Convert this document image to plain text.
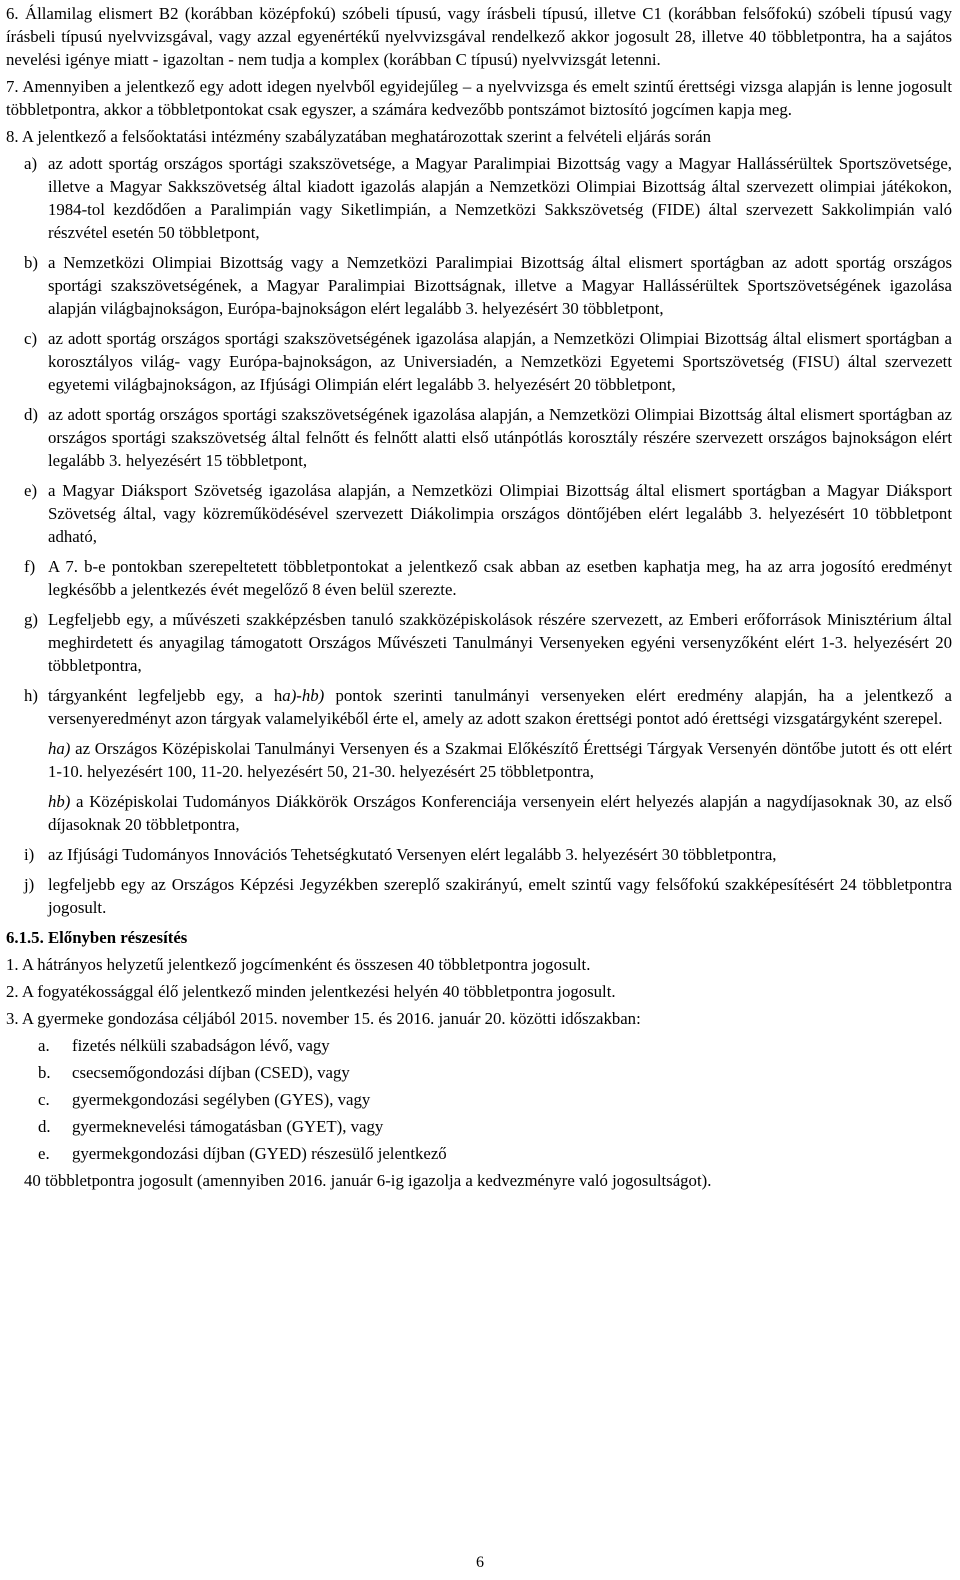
6. Államilag elismert B2 (korábban középfokú) szóbeli típusú, vagy írásbeli típusú, illetve C1 (korábban felsőfokú) szóbeli típusú vagy írásbeli típusú nyelvvizsgával, vagy azzal egyenértékű nyelvvizsgával rendelkező akkor jogosult 28, illetve 40 többletpontra, ha a sajátos nevelési igénye miatt - igazoltan - nem tudja a komplex (korábban C típusú) nyelvvizsgát letenni.

7. Amennyiben a jelentkező egy adott idegen nyelvből egyidejűleg – a nyelvvizsga és emelt szintű érettségi vizsga alapján is lenne jogosult többletpontra, akkor a többletpontokat csak egyszer, a számára kedvezőbb pontszámot biztosító jogcímen kapja meg.

8. A jelentkező a felsőoktatási intézmény szabályzatában meghatározottak szerint a felvételi eljárás során

a) az adott sportág országos sportági szakszövetsége, a Magyar Paralimpiai Bizottság vagy a Magyar Hallássérültek Sportszövetsége, illetve a Magyar Sakkszövetség által kiadott igazolás alapján a Nemzetközi Olimpiai Bizottság által szervezett olimpiai játékokon, 1984-tol kezdődően a Paralimpián vagy Siketlimpián, a Nemzetközi Sakkszövetség (FIDE) által szervezett Sakkolimpián való részvétel esetén 50 többletpont,
b) a Nemzetközi Olimpiai Bizottság vagy a Nemzetközi Paralimpiai Bizottság által elismert sportágban az adott sportág országos sportági szakszövetségének, a Magyar Paralimpiai Bizottságnak, illetve a Magyar Hallássérültek Sportszövetségének igazolása alapján világbajnokságon, Európa-bajnokságon elért legalább 3. helyezésért 30 többletpont,
c) az adott sportág országos sportági szakszövetségének igazolása alapján, a Nemzetközi Olimpiai Bizottság által elismert sportágban a korosztályos világ- vagy Európa-bajnokságon, az Universiadén, a Nemzetközi Egyetemi Sportszövetség (FISU) által szervezett egyetemi világbajnokságon, az Ifjúsági Olimpián elért legalább 3. helyezésért 20 többletpont,
d) az adott sportág országos sportági szakszövetségének igazolása alapján, a Nemzetközi Olimpiai Bizottság által elismert sportágban az országos sportági szakszövetség által felnőtt és felnőtt alatti első utánpótlás korosztály részére szervezett országos bajnokságon elért legalább 3. helyezésért 15 többletpont,
e) a Magyar Diáksport Szövetség igazolása alapján, a Nemzetközi Olimpiai Bizottság által elismert sportágban a Magyar Diáksport Szövetség által, vagy közreműködésével szervezett Diákolimpia országos döntőjében elért legalább 3. helyezésért 10 többletpont adható,
f) A 7. b-e pontokban szerepeltetett többletpontokat a jelentkező csak abban az esetben kaphatja meg, ha az arra jogosító eredményt legkésőbb a jelentkezés évét megelőző 8 éven belül szerezte.
g) Legfeljebb egy, a művészeti szakképzésben tanuló szakközépiskolások részére szervezett, az Emberi erőforrások Minisztérium által meghirdetett és anyagilag támogatott Országos Művészeti Tanulmányi Versenyeken egyéni versenyzőként elért 1-3. helyezésért 20 többletpontra,
h) tárgyanként legfeljebb egy, a ha)-hb) pontok szerinti tanulmányi versenyeken elért eredmény alapján, ha a jelentkező a versenyeredményt azon tárgyak valamelyikéből érte el, amely az adott szakon érettségi pontot adó érettségi vizsgatárgyként szerepel.

ha) az Országos Középiskolai Tanulmányi Versenyen és a Szakmai Előkészítő Érettségi Tárgyak Versenyén döntőbe jutott és ott elért 1-10. helyezésért 100, 11-20. helyezésért 50, 21-30. helyezésért 25 többletpontra,

hb) a Középiskolai Tudományos Diákkörök Országos Konferenciája versenyein elért helyezés alapján a nagydíjasoknak 30, az első díjasoknak 20 többletpontra,

i) az Ifjúsági Tudományos Innovációs Tehetségkutató Versenyen elért legalább 3. helyezésért 30 többletpontra,
j) legfeljebb egy az Országos Képzési Jegyzékben szereplő szakirányú, emelt szintű vagy felsőfokú szakképesítésért 24 többletpontra jogosult.

6.1.5. Előnyben részesítés

1. A hátrányos helyzetű jelentkező jogcímenként és összesen 40 többletpontra jogosult.

2. A fogyatékossággal élő jelentkező minden jelentkezési helyén 40 többletpontra jogosult.

3. A gyermeke gondozása céljából 2015. november 15. és 2016. január 20. közötti időszakban:

a.	fizetés nélküli szabadságon lévő, vagy
b.	csecsemőgondozási díjban (CSED), vagy
c.	gyermekgondozási segélyben (GYES), vagy
d.	gyermeknevelési támogatásban (GYET), vagy
e.	gyermekgondozási díjban (GYED) részesülő jelentkező

40 többletpontra jogosult (amennyiben 2016. január 6-ig igazolja a kedvezményre való jogosultságot).

6
